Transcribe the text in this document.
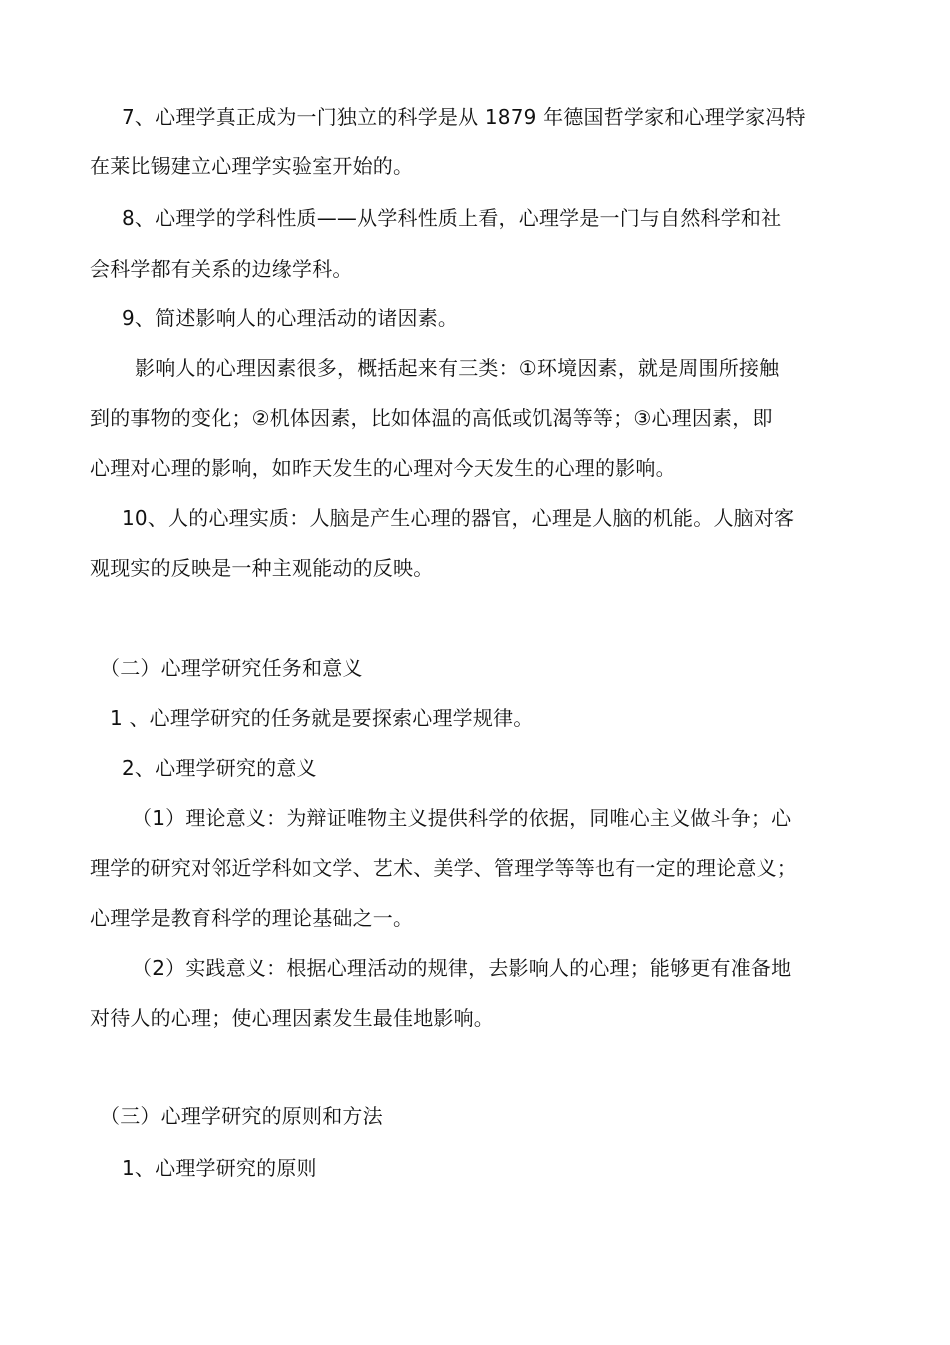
7、心理学真正成为一门独立的科学是从 1879 年德国哲学家和心理学家冯特
在莱比锡建立心理学实验室开始的。
8、心理学的学科性质——从学科性质上看，心理学是一门与自然科学和社
会科学都有关系的边缘学科。
9、简述影响人的心理活动的诸因素。
影响人的心理因素很多，概括起来有三类：①环境因素，就是周围所接触
到的事物的变化；②机体因素，比如体温的高低或饥渴等等；③心理因素，即
心理对心理的影响，如昨天发生的心理对今天发生的心理的影响。
10、人的心理实质：人脑是产生心理的器官，心理是人脑的机能。人脑对客
观现实的反映是一种主观能动的反映。
（二）心理学研究任务和意义
1 、心理学研究的任务就是要探索心理学规律。
2、心理学研究的意义
（1）理论意义：为辩证唯物主义提供科学的依据，同唯心主义做斗争；心
理学的研究对邻近学科如文学、艺术、美学、管理学等等也有一定的理论意义；
心理学是教育科学的理论基础之一。
（2）实践意义：根据心理活动的规律，去影响人的心理；能够更有准备地
对待人的心理；使心理因素发生最佳地影响。
（三）心理学研究的原则和方法
1、心理学研究的原则
